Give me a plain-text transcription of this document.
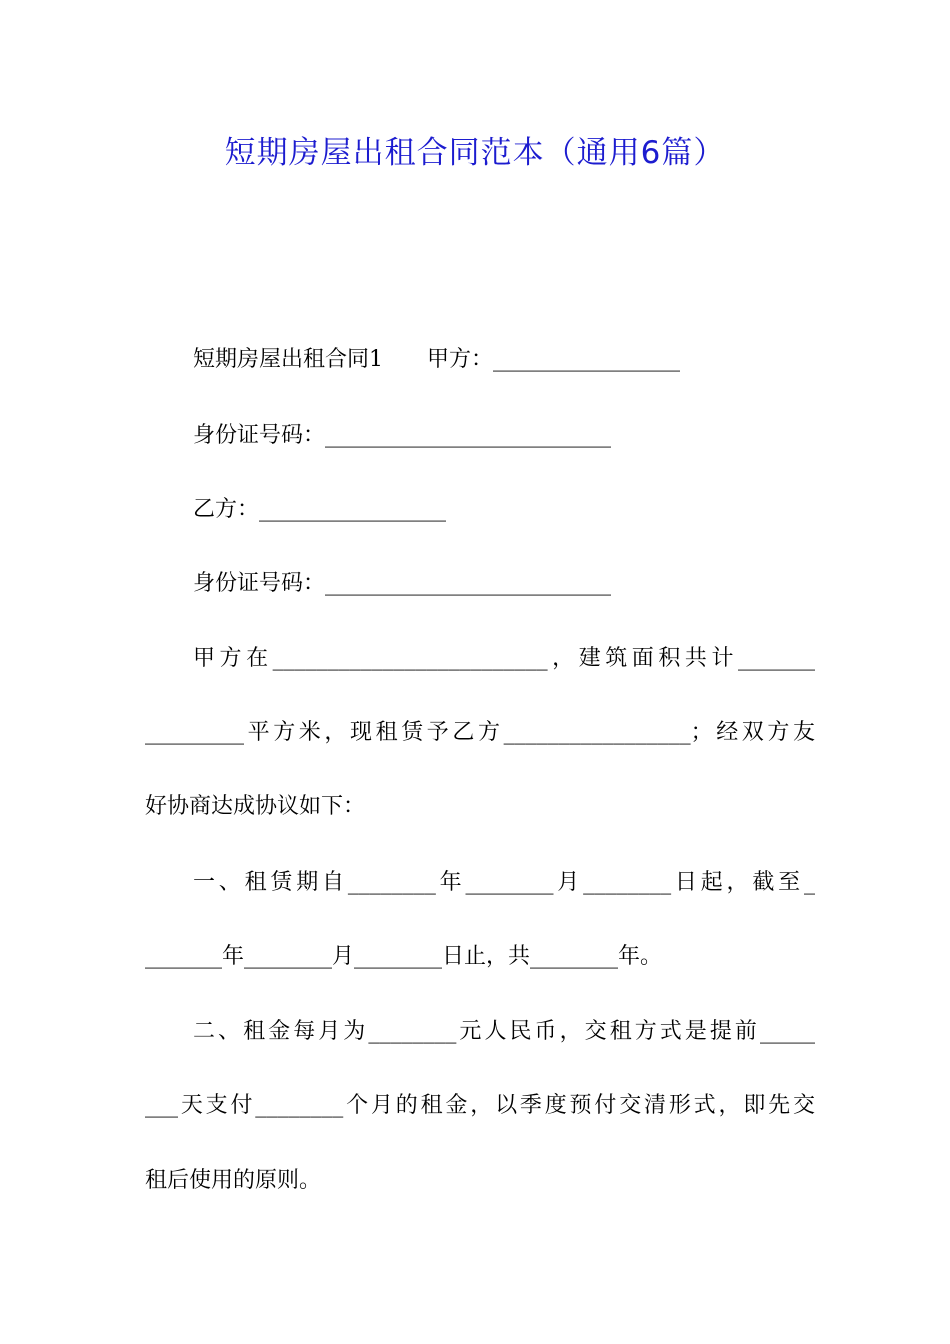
短期房屋出租合同范本（通用6篇）

短期房屋出租合同1　　甲方：_________________

身份证号码：__________________________

乙方：_________________

身份证号码：__________________________

甲方在_________________________，建筑面积共计_______

_________平方米，现租赁予乙方_________________；经双方友

好协商达成协议如下：

一、租赁期自________年________月________日起，截至_

_______年________月________日止，共________年。

二、租金每月为________元人民币，交租方式是提前_____

___天支付________个月的租金，以季度预付交清形式，即先交

租后使用的原则。
